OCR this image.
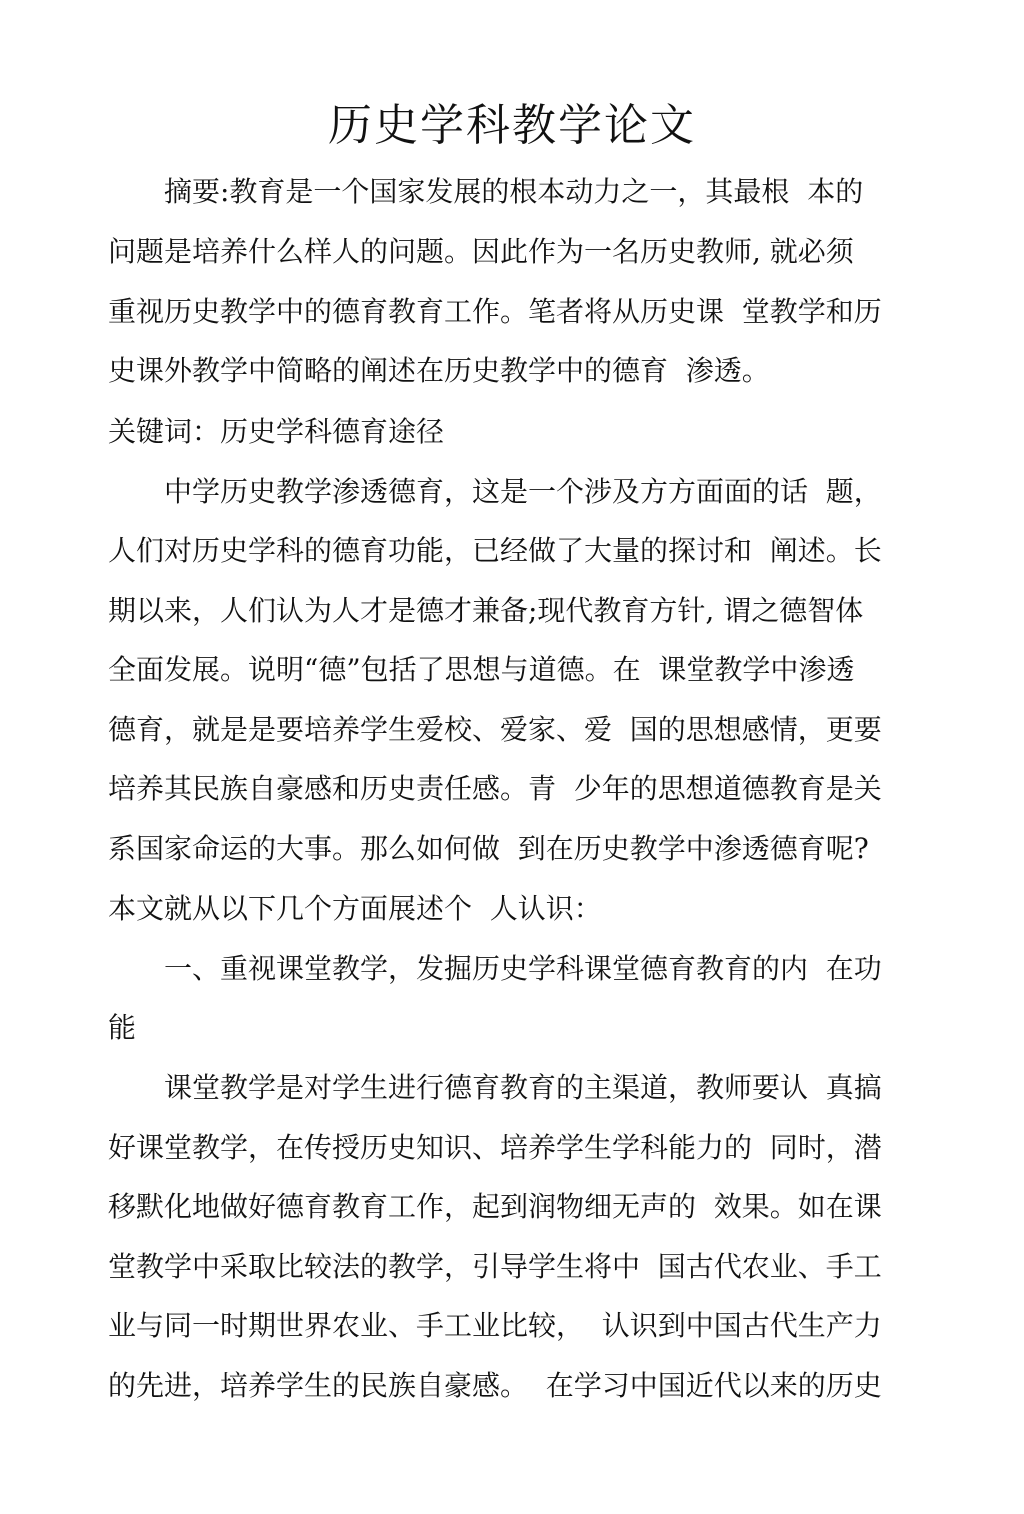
历史学科教学论文

　　摘要:教育是一个国家发展的根本动力之一，其最根  本的

问题是培养什么样人的问题。因此作为一名历史教师, 就必须

重视历史教学中的德育教育工作。笔者将从历史课  堂教学和历

史课外教学中简略的阐述在历史教学中的德育  渗透。

关键词：历史学科德育途径

　　中学历史教学渗透德育，这是一个涉及方方面面的话  题，

人们对历史学科的德育功能，已经做了大量的探讨和  阐述。长

期以来，人们认为人才是德才兼备;现代教育方针, 谓之德智体

全面发展。说明“德”包括了思想与道德。在  课堂教学中渗透

德育，就是是要培养学生爱校、爱家、爱  国的思想感情，更要

培养其民族自豪感和历史责任感。青  少年的思想道德教育是关

系国家命运的大事。那么如何做  到在历史教学中渗透德育呢?

本文就从以下几个方面展述个  人认识：

　　一、重视课堂教学，发掘历史学科课堂德育教育的内  在功

能

　　课堂教学是对学生进行德育教育的主渠道，教师要认  真搞

好课堂教学，在传授历史知识、培养学生学科能力的  同时，潜

移默化地做好德育教育工作，起到润物细无声的  效果。如在课

堂教学中采取比较法的教学，引导学生将中  国古代农业、手工

业与同一时期世界农业、手工业比较，  认识到中国古代生产力

的先进，培养学生的民族自豪感。  在学习中国近代以来的历史
